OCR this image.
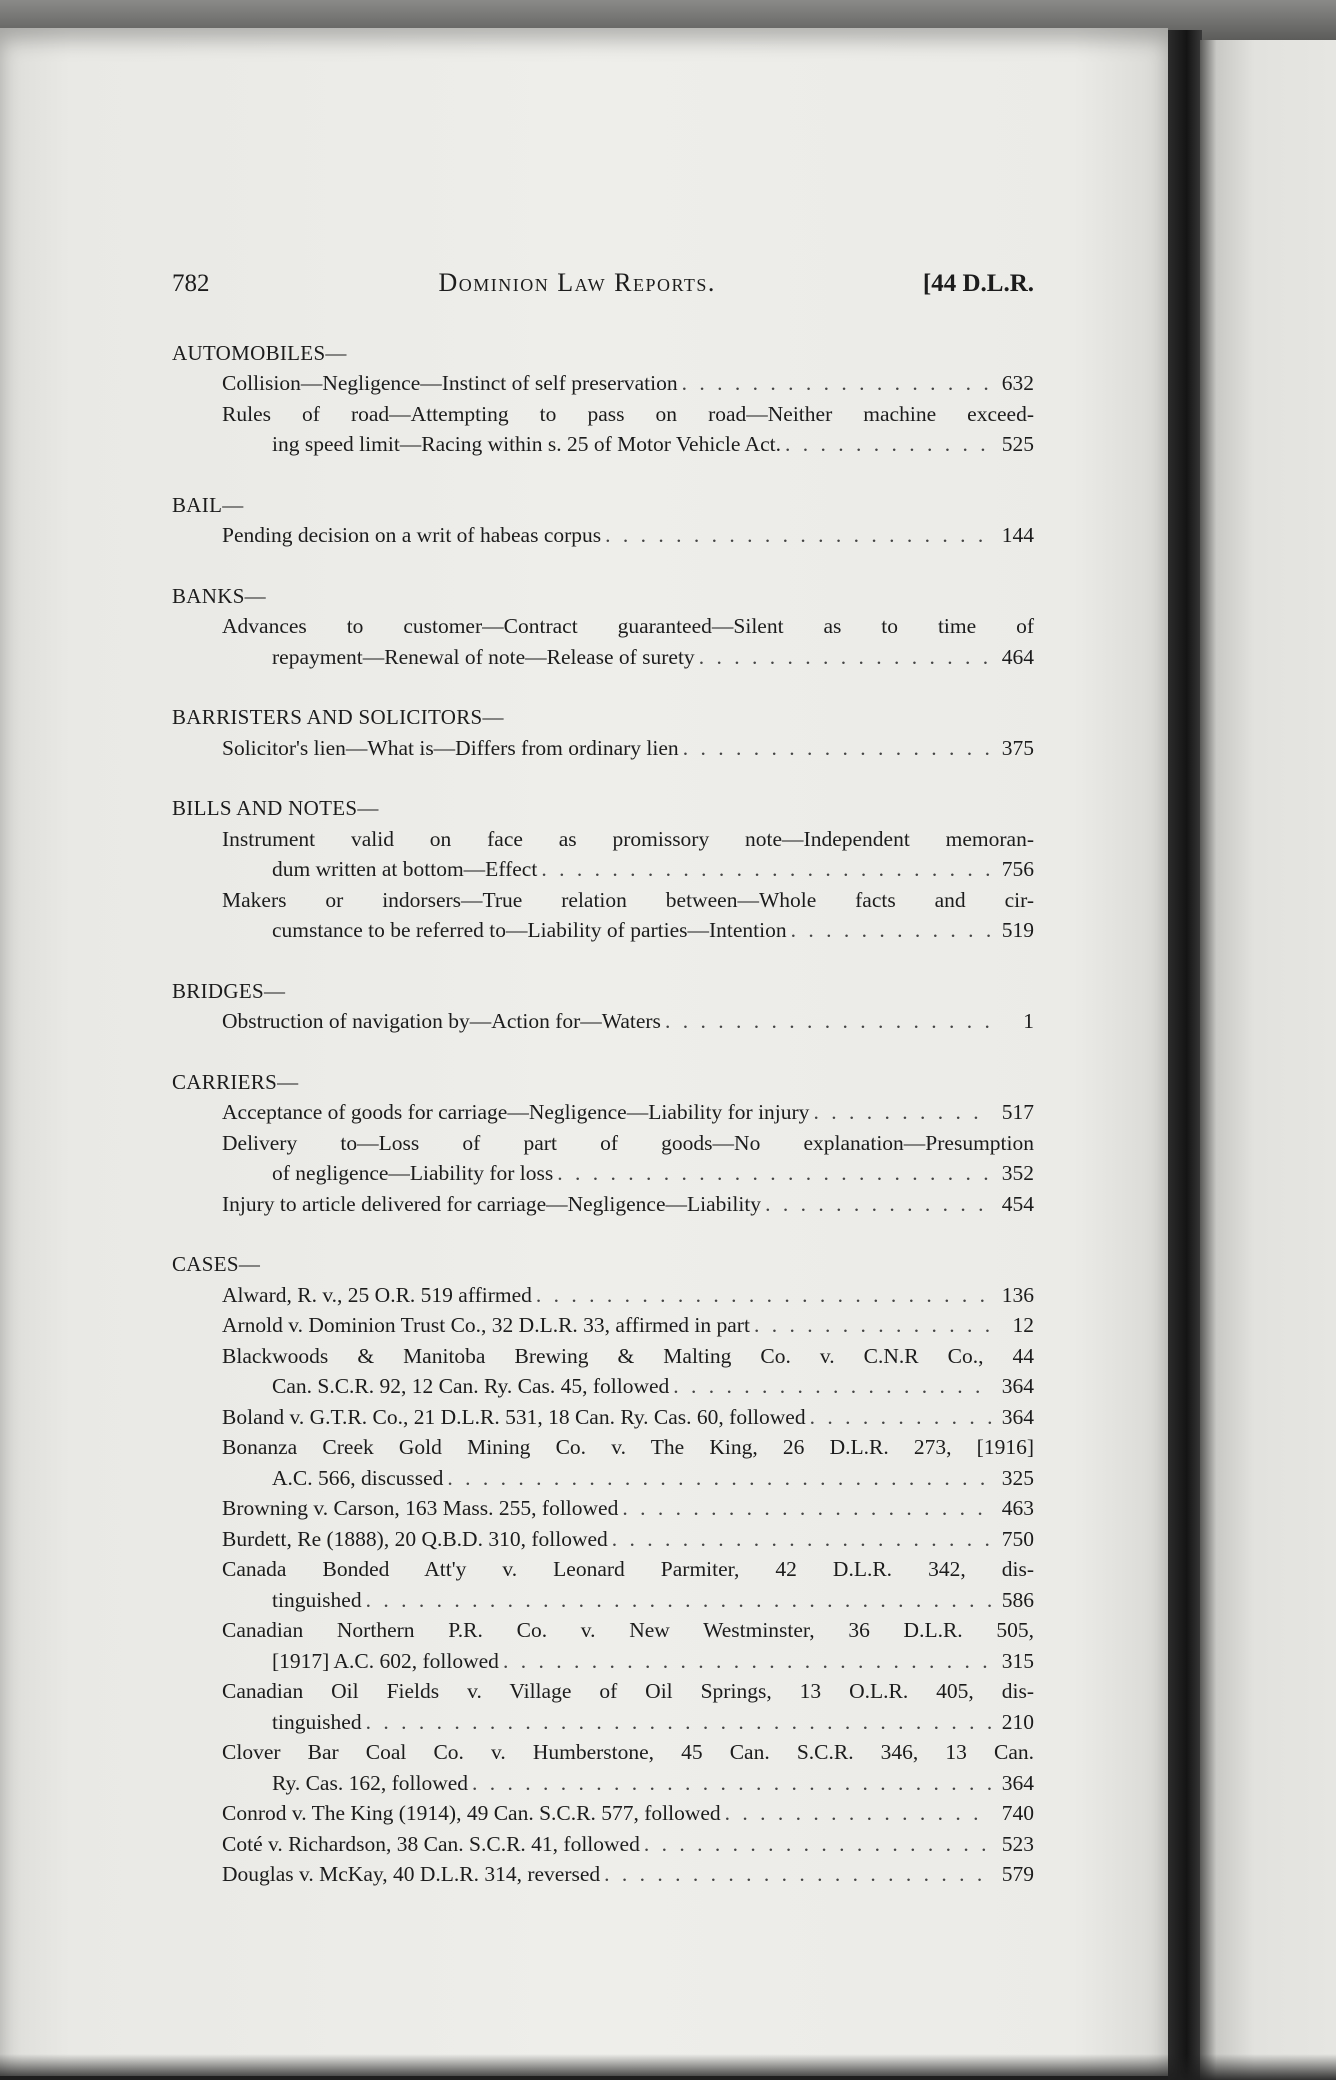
782	Dominion Law Reports.	[44 D.L.R.
AUTOMOBILES—
Collision—Negligence—Instinct of self preservation . . .	632
Rules of road—Attempting to pass on road—Neither machine exceed-
ing speed limit—Racing within s. 25 of Motor Vehicle Act. . . .	525
BAIL—
Pending decision on a writ of habeas corpus . . .	144
BANKS—
Advances to customer—Contract guaranteed—Silent as to time of
repayment—Renewal of note—Release of surety . . .	464
BARRISTERS AND SOLICITORS—
Solicitor's lien—What is—Differs from ordinary lien . . .	375
BILLS AND NOTES—
Instrument valid on face as promissory note—Independent memoran-
dum written at bottom—Effect . . .	756
Makers or indorsers—True relation between—Whole facts and cir-
cumstance to be referred to—Liability of parties—Intention . . .	519
BRIDGES—
Obstruction of navigation by—Action for—Waters . . .	1
CARRIERS—
Acceptance of goods for carriage—Negligence—Liability for injury . . .	517
Delivery to—Loss of part of goods—No explanation—Presumption
of negligence—Liability for loss . . .	352
Injury to article delivered for carriage—Negligence—Liability . . .	454
CASES—
Alward, R. v., 25 O.R. 519 affirmed . . .	136
Arnold v. Dominion Trust Co., 32 D.L.R. 33, affirmed in part . . .	12
Blackwoods & Manitoba Brewing & Malting Co. v. C.N.R Co., 44
Can. S.C.R. 92, 12 Can. Ry. Cas. 45, followed . . .	364
Boland v. G.T.R. Co., 21 D.L.R. 531, 18 Can. Ry. Cas. 60, followed . . .	364
Bonanza Creek Gold Mining Co. v. The King, 26 D.L.R. 273, [1916]
A.C. 566, discussed . . .	325
Browning v. Carson, 163 Mass. 255, followed . . .	463
Burdett, Re (1888), 20 Q.B.D. 310, followed . . .	750
Canada Bonded Att'y v. Leonard Parmiter, 42 D.L.R. 342, dis-
tinguished . . .	586
Canadian Northern P.R. Co. v. New Westminster, 36 D.L.R. 505,
[1917] A.C. 602, followed . . .	315
Canadian Oil Fields v. Village of Oil Springs, 13 O.L.R. 405, dis-
tinguished . . .	210
Clover Bar Coal Co. v. Humberstone, 45 Can. S.C.R. 346, 13 Can.
Ry. Cas. 162, followed . . .	364
Conrod v. The King (1914), 49 Can. S.C.R. 577, followed . . .	740
Coté v. Richardson, 38 Can. S.C.R. 41, followed . . .	523
Douglas v. McKay, 40 D.L.R. 314, reversed . . .	579
